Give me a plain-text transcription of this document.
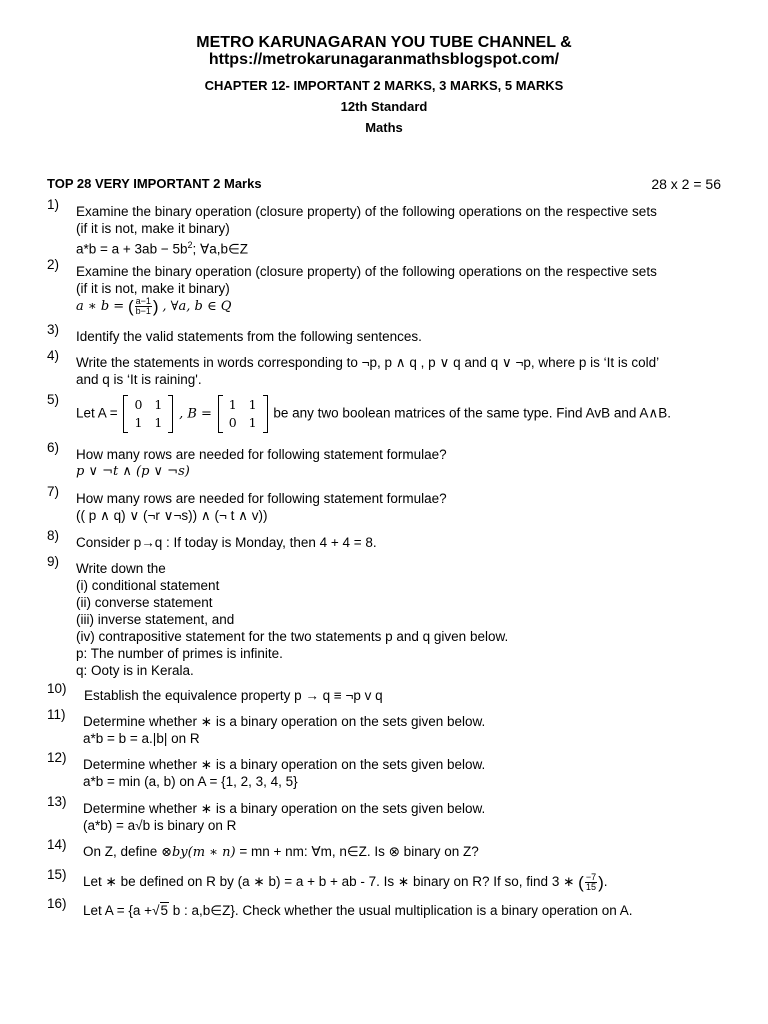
METRO KARUNAGARAN YOU TUBE CHANNEL &
https://metrokarunagaranmathsblogspot.com/
CHAPTER 12- IMPORTANT 2 MARKS, 3 MARKS, 5 MARKS
12th Standard
Maths
TOP 28 VERY IMPORTANT 2 Marks	28 x 2 = 56
1) Examine the binary operation (closure property) of the following operations on the respective sets
(if it is not, make it binary)
$a*b = a + 3ab - 5b^2$; ∀a,b∈Z
2) Examine the binary operation (closure property) of the following operations on the respective sets
(if it is not, make it binary)
a ∗ b = ( $\frac{a-1}{b-1}$ ) , ∀a, b ∈ Q
3) Identify the valid statements from the following sentences.
4) Write the statements in words corresponding to ¬p, p ∧ q , p ∨ q and q ∨ ¬p, where p is ‘It is cold’
and q is ‘It is raining'.
5)
Let A =
0	1
1	1
, B =
1	1
0	1
be any two boolean matrices of the same type. Find AvB and A∧B.
6) How many rows are needed for following statement formulae?
p ∨ ¬t ∧ (p ∨ ¬s)
7) How many rows are needed for following statement formulae?
(( p ∧ q) ∨ (¬r ∨¬s)) ∧ (¬ t ∧ v))
8) Consider p→q : If today is Monday, then 4 + 4 = 8.
9) Write down the
(i) conditional statement
(ii) converse statement
(iii) inverse statement, and
(iv) contrapositive statement for the two statements p and q given below.
p: The number of primes is infinite.
q: Ooty is in Kerala.
10) Establish the equivalence property p → q ≡ ¬p v q
11) Determine whether ∗ is a binary operation on the sets given below.
a*b = b = a.|b| on R
12) Determine whether ∗ is a binary operation on the sets given below.
a*b = min (a, b) on A = {1, 2, 3, 4, 5}
13) Determine whether ∗ is a binary operation on the sets given below.
(a*b) = a√b is binary on R
14) On Z, define ⊗by(m ∗ n) = mn + nm: ∀m, n∈Z. Is ⊗ binary on Z?
15) Let ∗ be defined on R by (a ∗ b) = a + b + ab - 7. Is ∗ binary on R? If so, find 3 ∗ ( $\frac{-7}{15}$ ).
16) Let A = {a +√5 b : a,b∈Z}. Check whether the usual multiplication is a binary operation on A.
